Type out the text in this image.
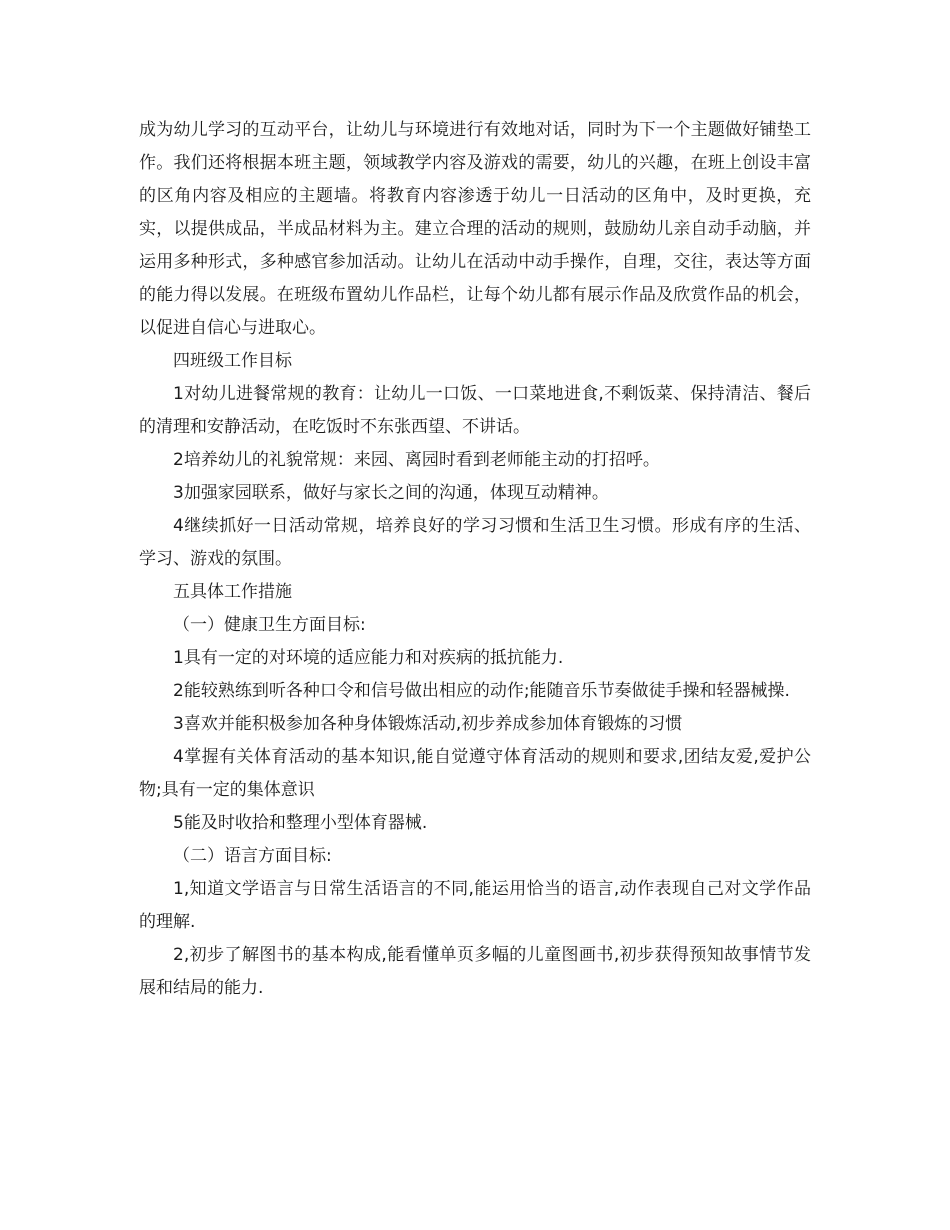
成为幼儿学习的互动平台，让幼儿与环境进行有效地对话，同时为下一个主题做好铺垫工作。我们还将根据本班主题，领域教学内容及游戏的需要，幼儿的兴趣，在班上创设丰富的区角内容及相应的主题墙。将教育内容渗透于幼儿一日活动的区角中，及时更换，充实，以提供成品，半成品材料为主。建立合理的活动的规则，鼓励幼儿亲自动手动脑，并运用多种形式，多种感官参加活动。让幼儿在活动中动手操作，自理，交往，表达等方面的能力得以发展。在班级布置幼儿作品栏，让每个幼儿都有展示作品及欣赏作品的机会，以促进自信心与进取心。

四班级工作目标

1对幼儿进餐常规的教育：让幼儿一口饭、一口菜地进食,不剩饭菜、保持清洁、餐后的清理和安静活动，在吃饭时不东张西望、不讲话。

2培养幼儿的礼貌常规：来园、离园时看到老师能主动的打招呼。

3加强家园联系，做好与家长之间的沟通，体现互动精神。

4继续抓好一日活动常规，培养良好的学习习惯和生活卫生习惯。形成有序的生活、学习、游戏的氛围。

五具体工作措施

（一）健康卫生方面目标:

1具有一定的对环境的适应能力和对疾病的抵抗能力.

2能较熟练到听各种口令和信号做出相应的动作;能随音乐节奏做徒手操和轻器械操.

3喜欢并能积极参加各种身体锻炼活动,初步养成参加体育锻炼的习惯

4掌握有关体育活动的基本知识,能自觉遵守体育活动的规则和要求,团结友爱,爱护公物;具有一定的集体意识

5能及时收拾和整理小型体育器械.

（二）语言方面目标:

1,知道文学语言与日常生活语言的不同,能运用恰当的语言,动作表现自己对文学作品的理解.

2,初步了解图书的基本构成,能看懂单页多幅的儿童图画书,初步获得预知故事情节发展和结局的能力.
